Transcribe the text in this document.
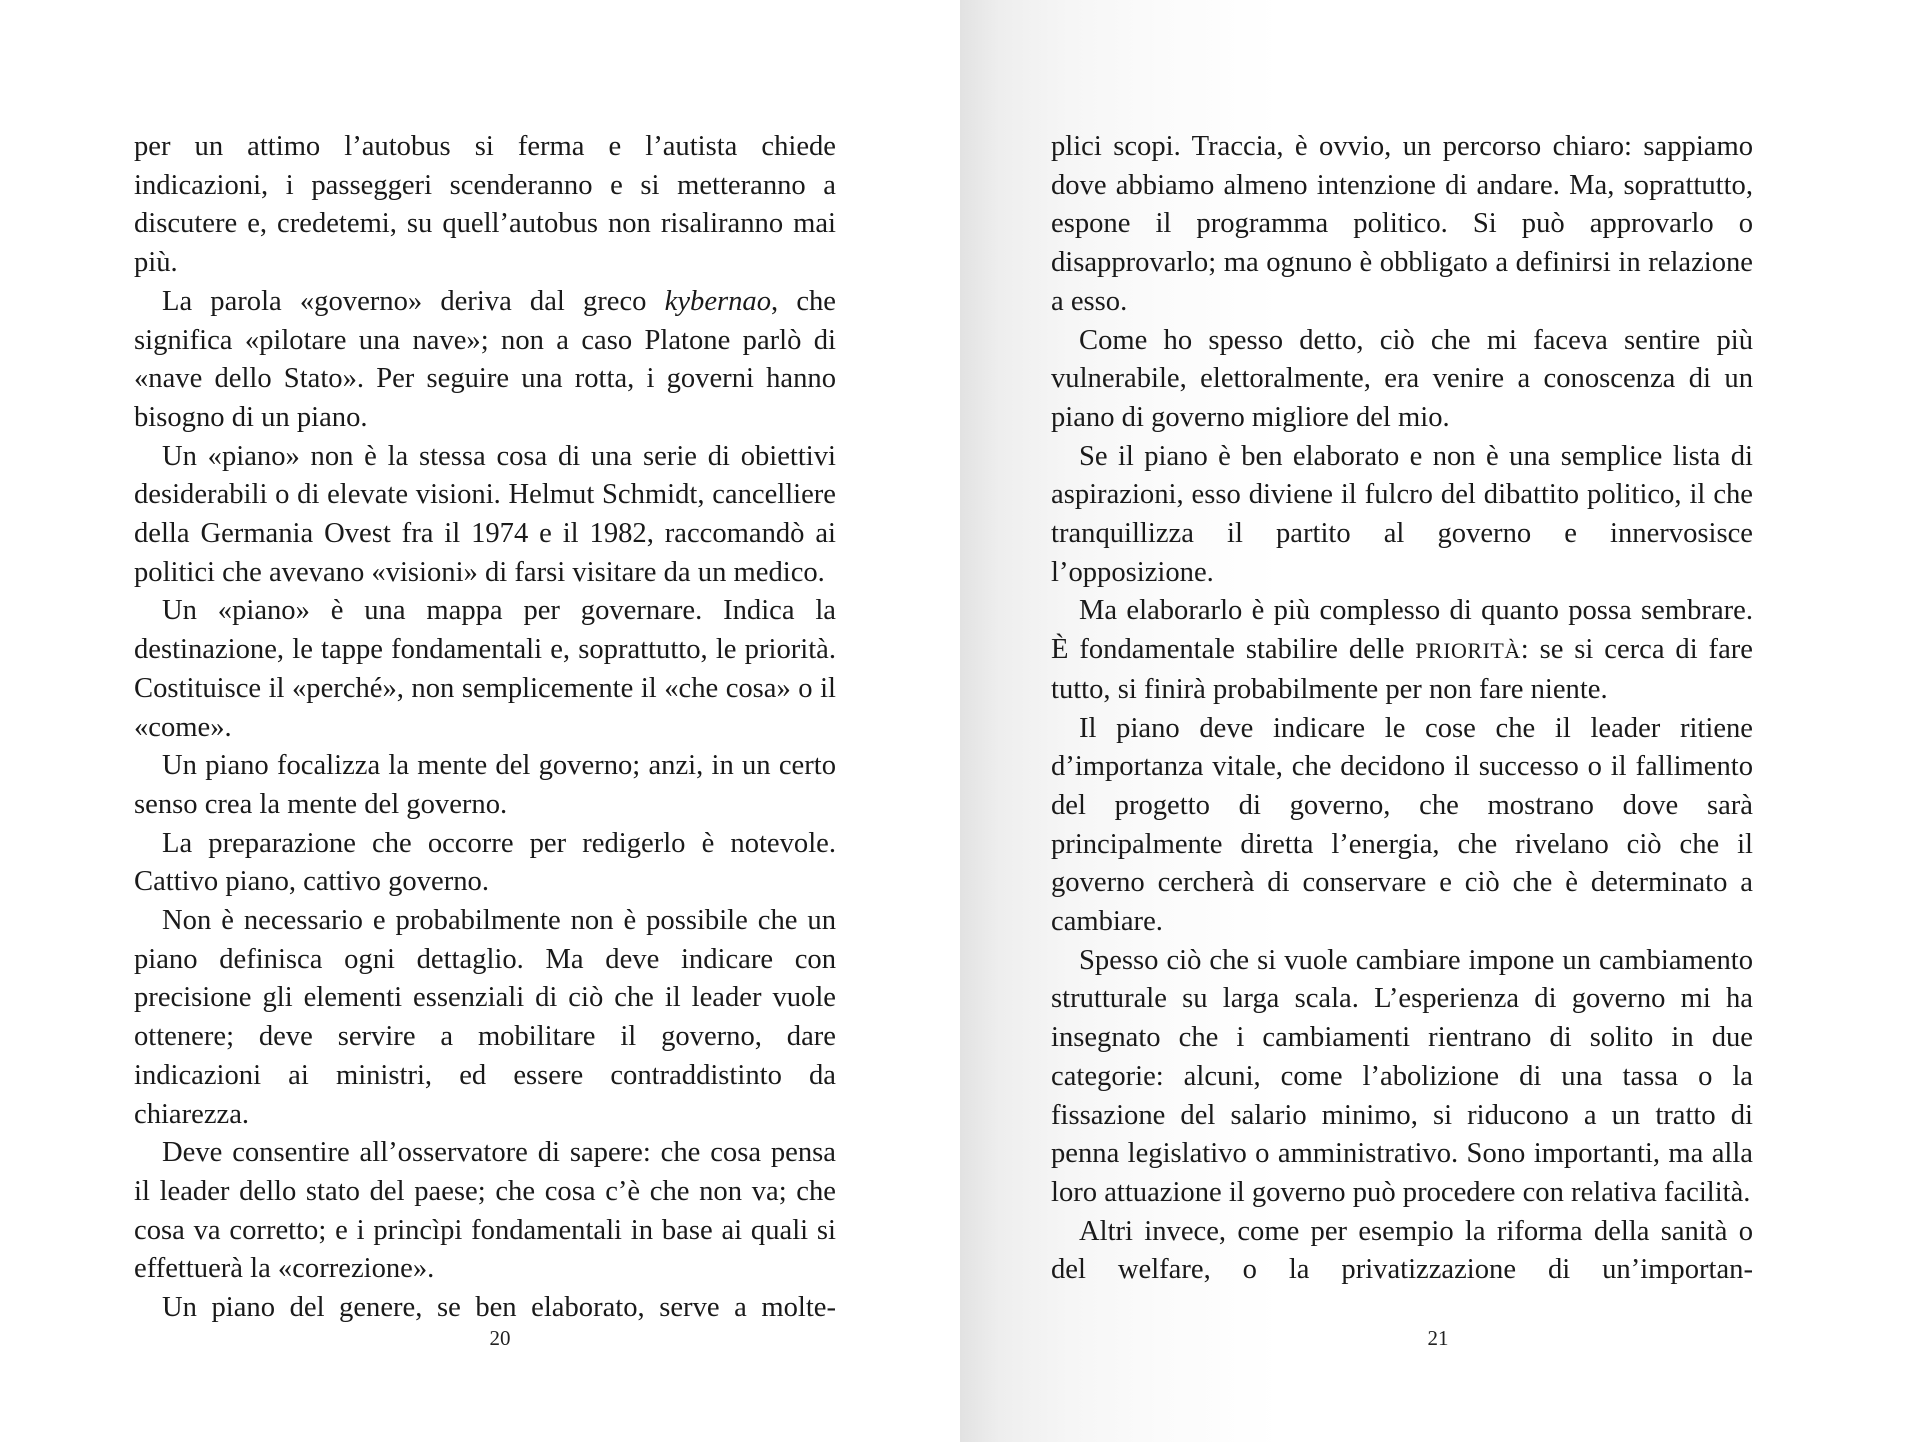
per un attimo l’autobus si ferma e l’autista chiede indicazioni, i passeggeri scenderanno e si metteranno a discutere e, credetemi, su quell’autobus non risaliranno mai più.

La parola «governo» deriva dal greco kybernao, che significa «pilotare una nave»; non a caso Platone parlò di «nave dello Stato». Per seguire una rotta, i governi hanno bisogno di un piano.

Un «piano» non è la stessa cosa di una serie di obiettivi desiderabili o di elevate visioni. Helmut Schmidt, cancelliere della Germania Ovest fra il 1974 e il 1982, raccomandò ai politici che avevano «visioni» di farsi visitare da un medico.

Un «piano» è una mappa per governare. Indica la destinazione, le tappe fondamentali e, soprattutto, le priorità. Costituisce il «perché», non semplicemente il «che cosa» o il «come».

Un piano focalizza la mente del governo; anzi, in un certo senso crea la mente del governo.

La preparazione che occorre per redigerlo è notevole. Cattivo piano, cattivo governo.

Non è necessario e probabilmente non è possibile che un piano definisca ogni dettaglio. Ma deve indicare con precisione gli elementi essenziali di ciò che il leader vuole ottenere; deve servire a mobilitare il governo, dare indicazioni ai ministri, ed essere contraddistinto da chiarezza.

Deve consentire all’osservatore di sapere: che cosa pensa il leader dello stato del paese; che cosa c’è che non va; che cosa va corretto; e i princìpi fondamentali in base ai quali si effettuerà la «correzione».

Un piano del genere, se ben elaborato, serve a molte-

20

plici scopi. Traccia, è ovvio, un percorso chiaro: sappiamo dove abbiamo almeno intenzione di andare. Ma, soprattutto, espone il programma politico. Si può approvarlo o disapprovarlo; ma ognuno è obbligato a definirsi in relazione a esso.

Come ho spesso detto, ciò che mi faceva sentire più vulnerabile, elettoralmente, era venire a conoscenza di un piano di governo migliore del mio.

Se il piano è ben elaborato e non è una semplice lista di aspirazioni, esso diviene il fulcro del dibattito politico, il che tranquillizza il partito al governo e innervosisce l’opposizione.

Ma elaborarlo è più complesso di quanto possa sembrare. È fondamentale stabilire delle PRIORITÀ: se si cerca di fare tutto, si finirà probabilmente per non fare niente.

Il piano deve indicare le cose che il leader ritiene d’importanza vitale, che decidono il successo o il fallimento del progetto di governo, che mostrano dove sarà principalmente diretta l’energia, che rivelano ciò che il governo cercherà di conservare e ciò che è determinato a cambiare.

Spesso ciò che si vuole cambiare impone un cambiamento strutturale su larga scala. L’esperienza di governo mi ha insegnato che i cambiamenti rientrano di solito in due categorie: alcuni, come l’abolizione di una tassa o la fissazione del salario minimo, si riducono a un tratto di penna legislativo o amministrativo. Sono importanti, ma alla loro attuazione il governo può procedere con relativa facilità.

Altri invece, come per esempio la riforma della sanità o del welfare, o la privatizzazione di un’importan-

21
